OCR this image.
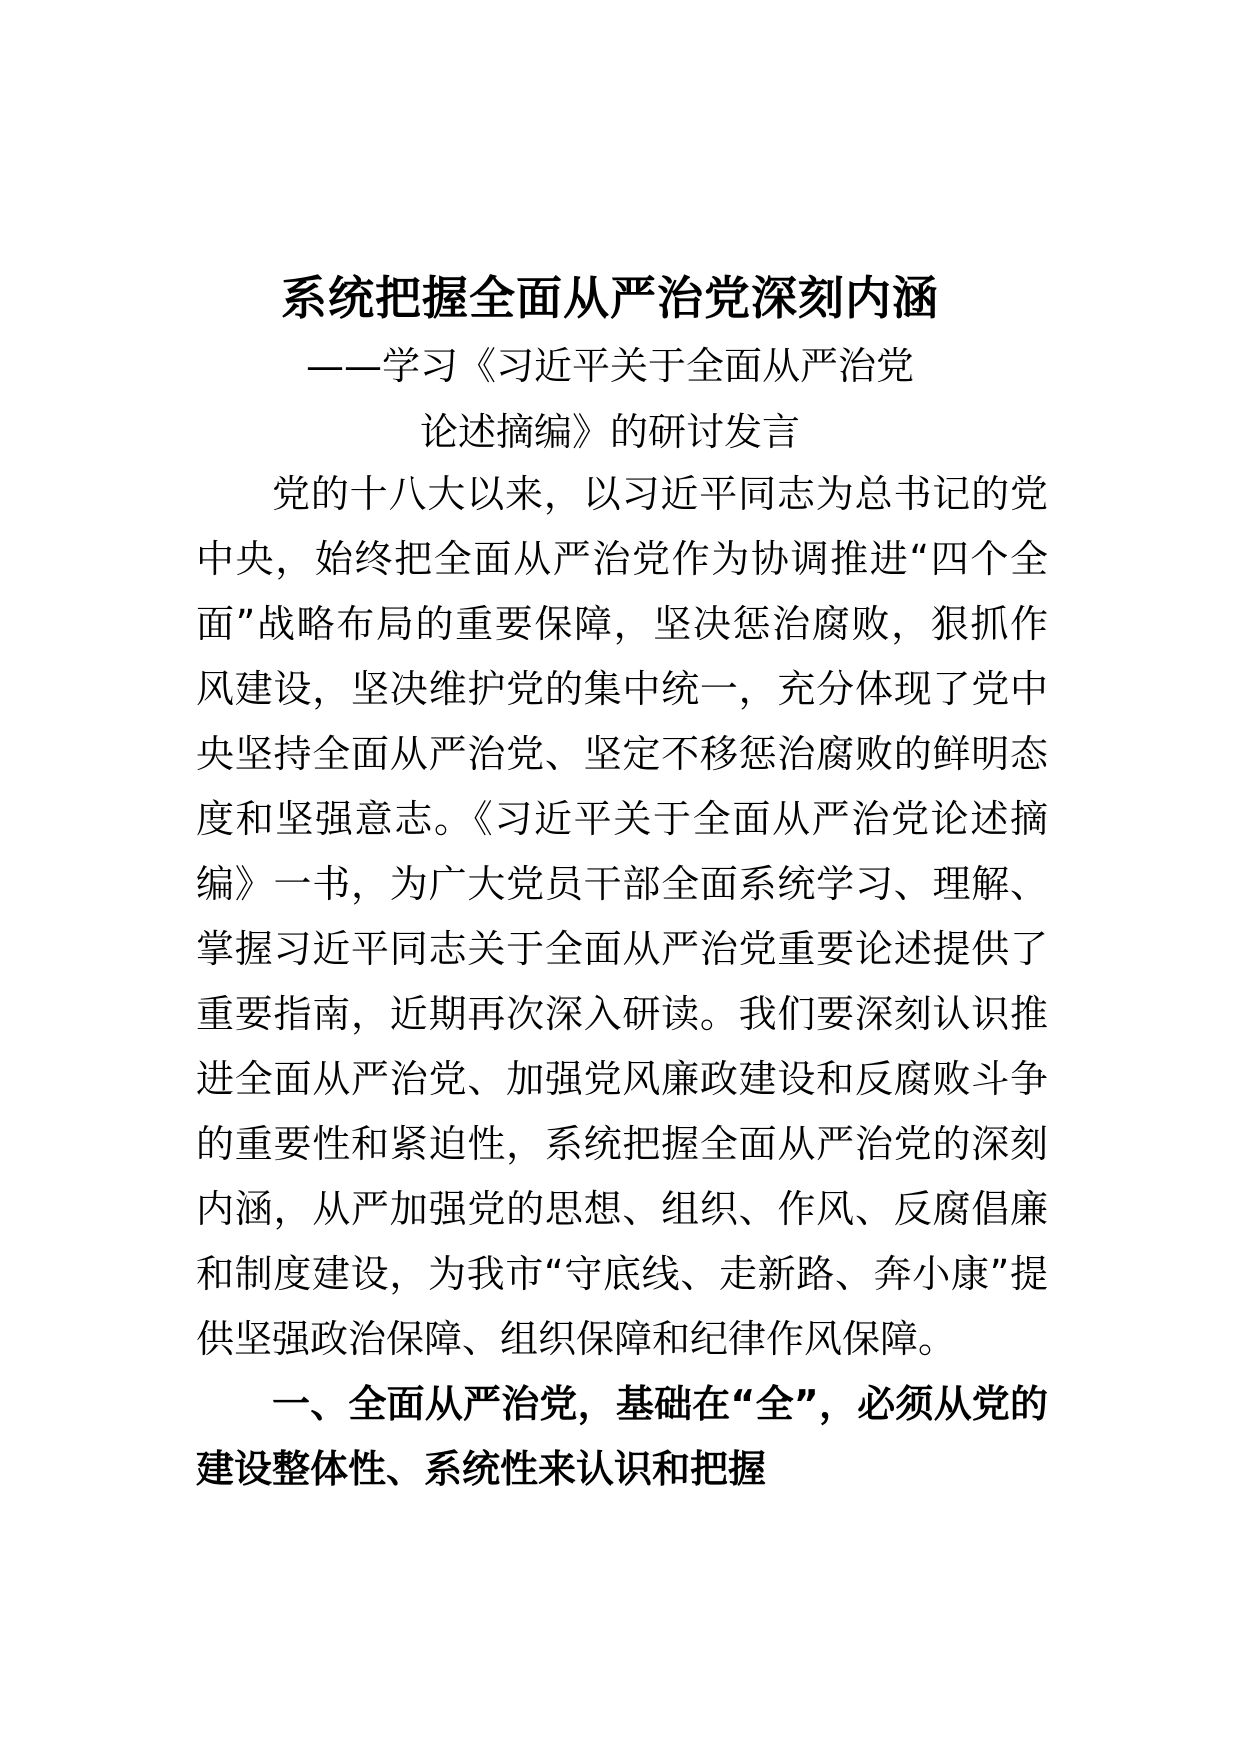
系统把握全面从严治党深刻内涵
——学习《习近平关于全面从严治党
论述摘编》的研讨发言

党的十八大以来，以习近平同志为总书记的党中央，始终把全面从严治党作为协调推进“四个全面”战略布局的重要保障，坚决惩治腐败，狠抓作风建设，坚决维护党的集中统一，充分体现了党中央坚持全面从严治党、坚定不移惩治腐败的鲜明态度和坚强意志。《习近平关于全面从严治党论述摘编》一书，为广大党员干部全面系统学习、理解、掌握习近平同志关于全面从严治党重要论述提供了重要指南，近期再次深入研读。我们要深刻认识推进全面从严治党、加强党风廉政建设和反腐败斗争的重要性和紧迫性，系统把握全面从严治党的深刻内涵，从严加强党的思想、组织、作风、反腐倡廉和制度建设，为我市“守底线、走新路、奔小康”提供坚强政治保障、组织保障和纪律作风保障。

一、全面从严治党，基础在“全”，必须从党的建设整体性、系统性来认识和把握
